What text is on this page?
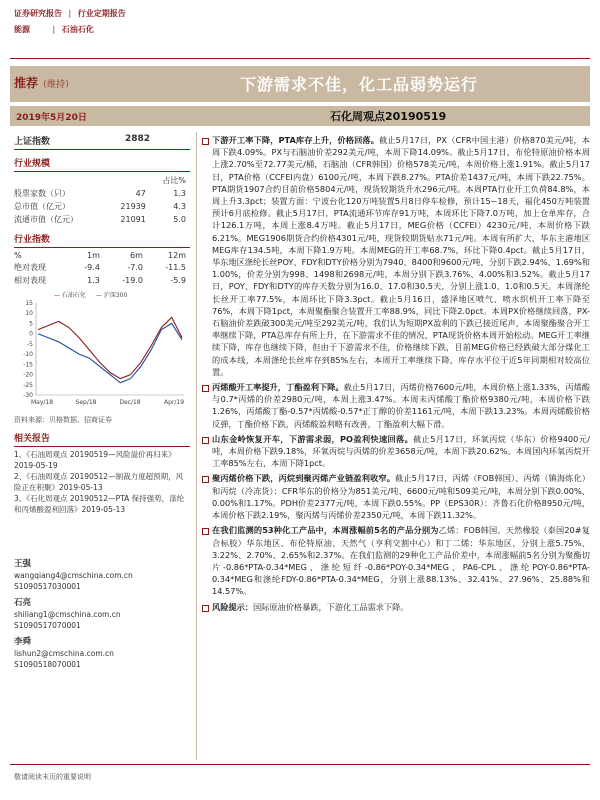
证券研究报告 | 行业定期报告
能源	| 石油石化
推荐（维持）	下游需求不佳，化工品弱势运行
2019年5月20日	石化周观点20190519
上证指数	2882
行业规模
		占比%
股票家数（只）	47	1.3
总市值（亿元）	21939	4.3
流通市值（亿元）	21091	5.0
行业指数
%	1m	6m	12m
绝对表现	-9.4	-7.0	-11.5
相对表现	1.3	-19.0	-5.9
— 石油石化 — 沪深300
15
10
5
0
-5
-10
-15
-20
-25
-30
May/18	Sep/18	Dec/18	Apr/19
资料来源：贝格数据、招商证券
相关报告
1、《石油周观点 20190519—风险溢价再归来》2019-05-19
2、《石油周观点 20190512—制裁力度超预期，风险正在积聚》2019-05-13
3、《石化周观点 20190512—PTA 保持强势，涤纶和丙烯酸盈利回落》2019-05-13
王强
wangqiang4@cmschina.com.cn
S1090517030001
石亮
shiliang1@cmschina.com.cn
S1090517070001
李舜
lishun2@cmschina.com.cn
S1090518070001
下游开工率下降，PTA库存上升，价格回落。截止5月17日，PX（CFR中国主港）价格870美元/吨，本周下跌4.09%。PX与石脑油价差292美元/吨，本周下降14.09%。截止5月17日，布伦特原油价格本周上涨2.70%至72.77美元/桶，石脑油（CFR韩国）价格578美元/吨，本周价格上涨1.91%。截止5月17日，PTA价格（CCFEI内盘）6100元/吨，本周下跌8.27%。PTA价差1437元/吨，本周下跌22.75%。PTA期货1907合约目前价格5804元/吨，现货较期货升水296元/吨。本周PTA行业开工负荷84.8%，本周上升3.3pct；装置方面：宁波台化120万吨装置5月8日停车检修，预计15~18天，福化450万吨装置预计6月底检修。截止5月17日，PTA流通环节库存91万吨，本周环比下降7.0万吨，加上仓单库存，合计126.1万吨，本周上涨8.4万吨。截止5月17日，MEG价格（CCFEI）4230元/吨，本周价格下跌6.21%。MEG1906期货合约价格4301元/吨，现货较期货贴水71元/吨。本周有所扩大，华东主港地区MEG库存134.5吨，本周下降1.9万吨。本周MEG的开工率68.7%，环比下降0.4pct。截止5月17日，华东地区涤纶长丝POY、FDY和DTY价格分别为7940、8400和9600元/吨，分别下跌2.94%、1.69%和1.00%，价差分别为998、1498和2698元/吨，本周分别下跌3.76%、4.00%和3.52%。截止5月17日，POY、FDY和DTY的库存天数分别为16.0、17.0和30.5天，分别上涨1.0、1.0和0.5天。本周涤纶长丝开工率77.5%，本周环比下降3.3pct。截止5月16日，盛泽地区喷气、喷水织机开工率下降至76%，本周下降1pct，本周聚酯聚合装置开工率88.9%，同比下降2.0pct。本周PX价格继续回落，PX-石脑油价差跌破300美元/吨至292美元/吨，我们认为短期PX盈利的下跌已接近尾声，本周聚酯聚合开工率继续下降，PTA总库存有所上升，在下游需求不佳的情况，PTA现货价格本周开始松动。MEG开工率继续下降，库存也继续下降，但由于下游需求不佳，价格继续下跌，目前MEG价格已经跌破大部分煤化工的成本线，本周涤纶长丝库存到85%左右，本周开工率继续下降，库存水平位于近5年同期相对较高位置。
丙烯酸开工率提升，丁酯盈利下降。截止5月17日，丙烯价格7600元/吨，本周价格上涨1.33%，丙烯酸与0.7*丙烯的价差2980元/吨，本周上涨3.47%。本周末丙烯酸丁酯价格9380元/吨，本周价格下跌1.26%，丙烯酸丁酯-0.57*丙烯酸-0.57*正丁醇的价差1161元/吨，本周下跌13.23%。本周丙烯酸价格反弹，丁酯价格下跌，丙烯酸盈利略有改善，丁酯盈利大幅下滑。
山东金岭恢复开车，下游需求弱，PO盈利快速回落。截止5月17日，环氧丙烷（华东）价格9400元/吨，本周价格下跌9.18%，环氧丙烷与丙烯的价差3658元/吨，本周下跌20.62%。本周国内环氧丙烷开工率85%左右，本周下降1pct。
聚丙烯价格下跌，丙烷到聚丙烯产业链盈利收窄。截止5月17日，丙烯（FOB韩国）、丙烯（镇海炼化）和丙烷（冷冻货）：CFR华东的价格分为851美元/吨、6600元/吨和509美元/吨，本周分别下跌0.00%、0.00%和1.17%。PDH价差2377元/吨，本周下跌0.55%。PP（EPS30R）：齐鲁石化价格8950元/吨，本周价格下跌2.19%，聚丙烯与丙烯价差2350元/吨，本周下跌11.32%。
在我们监测的53种化工产品中，本周涨幅前5名的产品分别为乙烯：FOB韩国、天然橡胶（泰国20#复合标胶）华东地区、布伦特原油、天然气（亨利交割中心）和丁二烯：华东地区，分别上涨5.75%、3.22%、2.70%、2.65%和2.37%。在我们监测的29种化工产品价差中，本周涨幅前5名分别为聚酯切片-0.86*PTA-0.34*MEG、涤纶短纤-0.86*POY-0.34*MEG、PA6-CPL、涤纶POY-0.86*PTA-0.34*MEG和涤纶FDY-0.86*PTA-0.34*MEG，分别上涨88.13%、32.41%、27.96%、25.88%和14.57%。
风险提示：国际原油价格暴跌，下游化工品需求下降。
敬请阅读末页的重要说明
